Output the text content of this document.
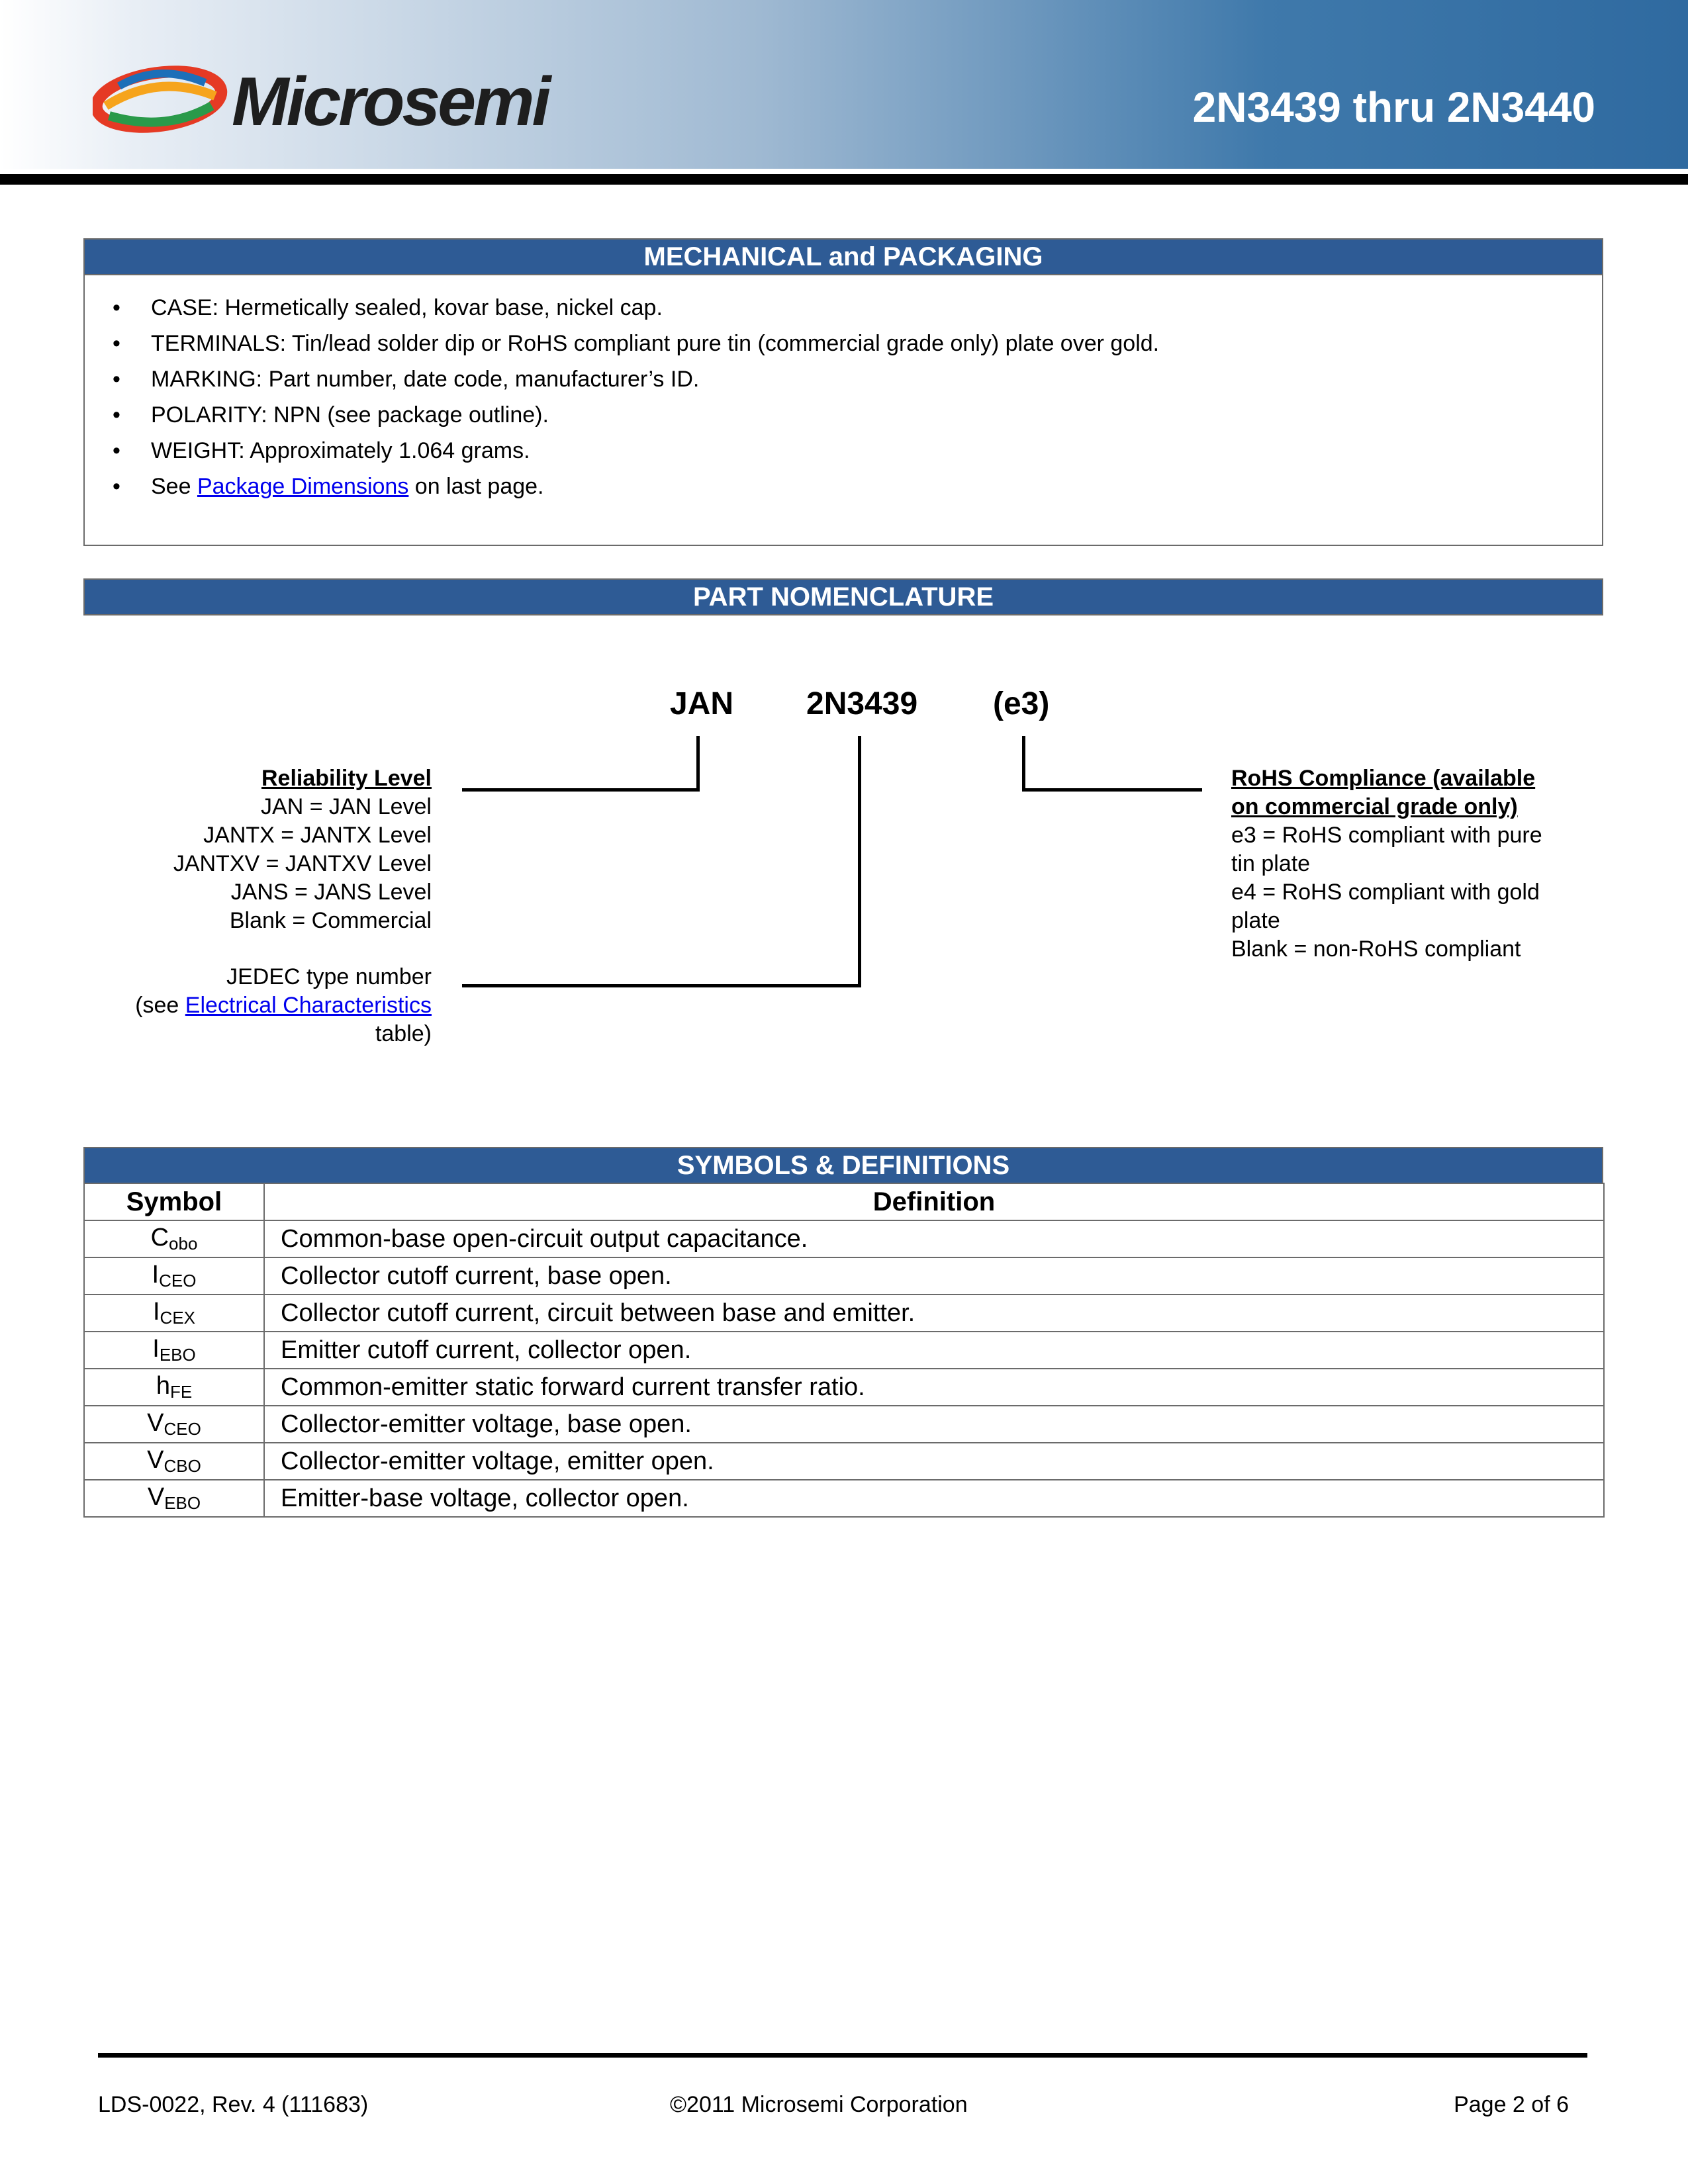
Microsemi	2N3439 thru 2N3440
MECHANICAL and PACKAGING
• CASE: Hermetically sealed, kovar base, nickel cap.
• TERMINALS: Tin/lead solder dip or RoHS compliant pure tin (commercial grade only) plate over gold.
• MARKING: Part number, date code, manufacturer’s ID.
• POLARITY: NPN (see package outline).
• WEIGHT: Approximately 1.064 grams.
• See Package Dimensions on last page.
PART NOMENCLATURE
JAN 2N3439 (e3)
Reliability Level
JAN = JAN Level
JANTX = JANTX Level
JANTXV = JANTXV Level
JANS = JANS Level
Blank = Commercial
JEDEC type number
(see Electrical Characteristics
table)
RoHS Compliance (available
on commercial grade only)
e3 = RoHS compliant with pure
tin plate
e4 = RoHS compliant with gold
plate
Blank = non-RoHS compliant
SYMBOLS & DEFINITIONS
Symbol	Definition
$C_{obo}$	Common-base open-circuit output capacitance.
$I_{CEO}$	Collector cutoff current, base open.
$I_{CEX}$	Collector cutoff current, circuit between base and emitter.
$I_{EBO}$	Emitter cutoff current, collector open.
$h_{FE}$	Common-emitter static forward current transfer ratio.
$V_{CEO}$	Collector-emitter voltage, base open.
$V_{CBO}$	Collector-emitter voltage, emitter open.
$V_{EBO}$	Emitter-base voltage, collector open.
LDS-0022, Rev. 4 (111683)	©2011 Microsemi Corporation	Page 2 of 6
